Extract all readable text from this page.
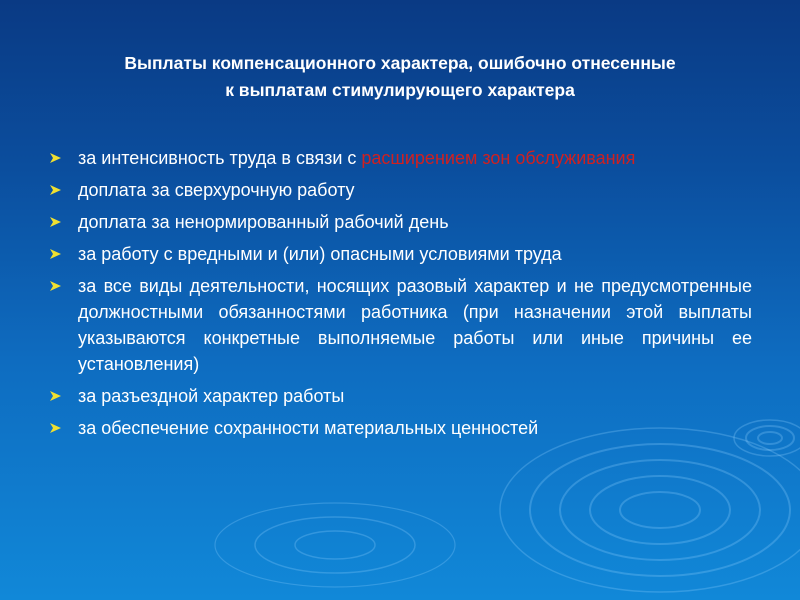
Выплаты компенсационного характера, ошибочно отнесенные
к выплатам стимулирующего характера
за интенсивность труда в связи с расширением зон обслуживания
доплата за сверхурочную работу
доплата за ненормированный рабочий день
за работу с вредными и (или) опасными условиями труда
за все виды деятельности, носящих разовый характер и не предусмотренные должностными обязанностями работника (при назначении этой выплаты указываются конкретные выполняемые работы или иные причины ее установления)
за разъездной характер работы
за обеспечение сохранности материальных ценностей
